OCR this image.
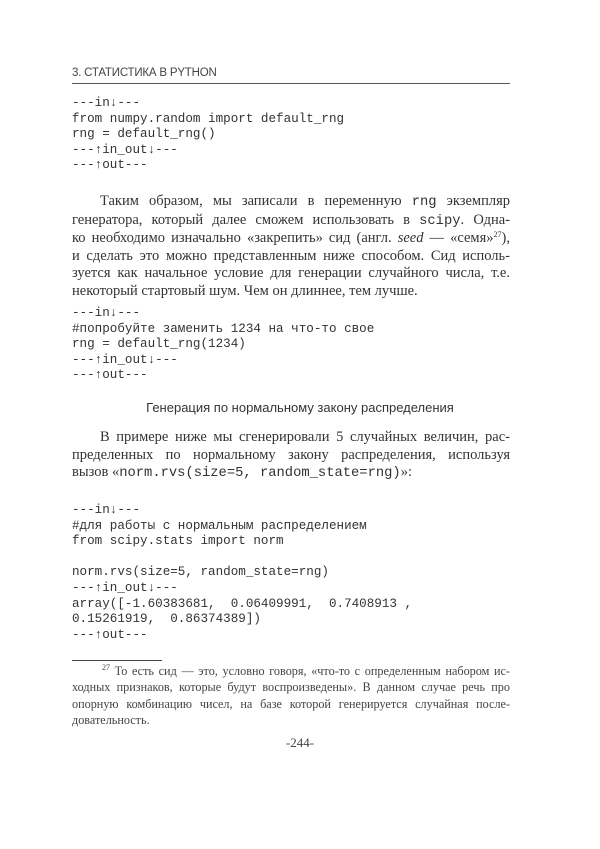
3. СТАТИСТИКА В PYTHON
---in↓---
from numpy.random import default_rng
rng = default_rng()
---↑in_out↓---
---↑out---
Таким образом, мы записали в переменную rng экземпляр
генератора, который далее сможем использовать в scipy. Одна-
ко необходимо изначально «закрепить» сид (англ. seed — «семя»$^{27}$),
и сделать это можно представленным ниже способом. Сид исполь-
зуется как начальное условие для генерации случайного числа, т.е.
некоторый стартовый шум. Чем он длиннее, тем лучше.
---in↓---
#попробуйте заменить 1234 на что-то свое
rng = default_rng(1234)
---↑in_out↓---
---↑out---
Генерация по нормальному закону распределения
В примере ниже мы сгенерировали 5 случайных величин, рас-
пределенных по нормальному закону распределения, используя
вызов «norm.rvs(size=5, random_state=rng)»:
---in↓---
#для работы с нормальным распределением
from scipy.stats import norm
norm.rvs(size=5, random_state=rng)
---↑in_out↓---
array([-1.60383681,  0.06409991,  0.7408913 ,
0.15261919,  0.86374389])
---↑out---
$^{27}$ То есть сид — это, условно говоря, «что-то с определенным набором ис-
ходных признаков, которые будут воспроизведены». В данном случае речь про
опорную комбинацию чисел, на базе которой генерируется случайная после-
довательность.
-244-
